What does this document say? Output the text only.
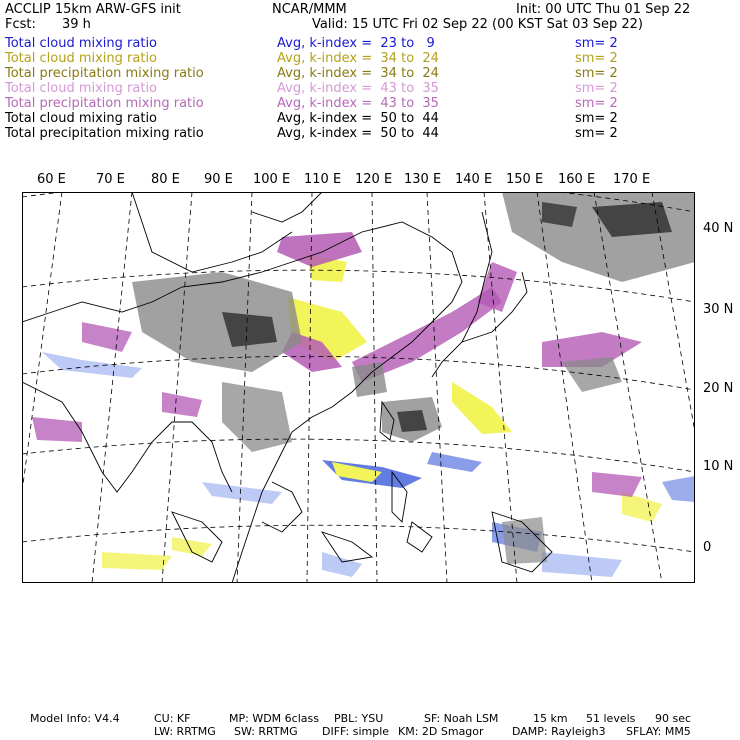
ACCLIP 15km ARW-GFS init	NCAR/MMM	Init: 00 UTC Thu 01 Sep 22
Fcst: 39 h	Valid: 15 UTC Fri 02 Sep 22 (00 KST Sat 03 Sep 22)
Total cloud mixing ratio	Avg, k-index =  23 to   9	sm= 2
Total cloud mixing ratio	Avg, k-index =  34 to  24	sm= 2
Total precipitation mixing ratio	Avg, k-index =  34 to  24	sm= 2
Total cloud mixing ratio	Avg, k-index =  43 to  35	sm= 2
Total precipitation mixing ratio	Avg, k-index =  43 to  35	sm= 2
Total cloud mixing ratio	Avg, k-index =  50 to  44	sm= 2
Total precipitation mixing ratio	Avg, k-index =  50 to  44	sm= 2
60 E 70 E 80 E 90 E 100 E 110 E 120 E 130 E 140 E 150 E 160 E 170 E
40 N
30 N
20 N
10 N
0
Model Info: V4.4	CU: KF	MP: WDM 6class PBL: YSU	SF: Noah LSM	15 km 51 levels 90 sec
LW: RRTMG SW: RRTMG DIFF: simple KM: 2D Smagor	DAMP: Rayleigh3 SFLAY: MM5
